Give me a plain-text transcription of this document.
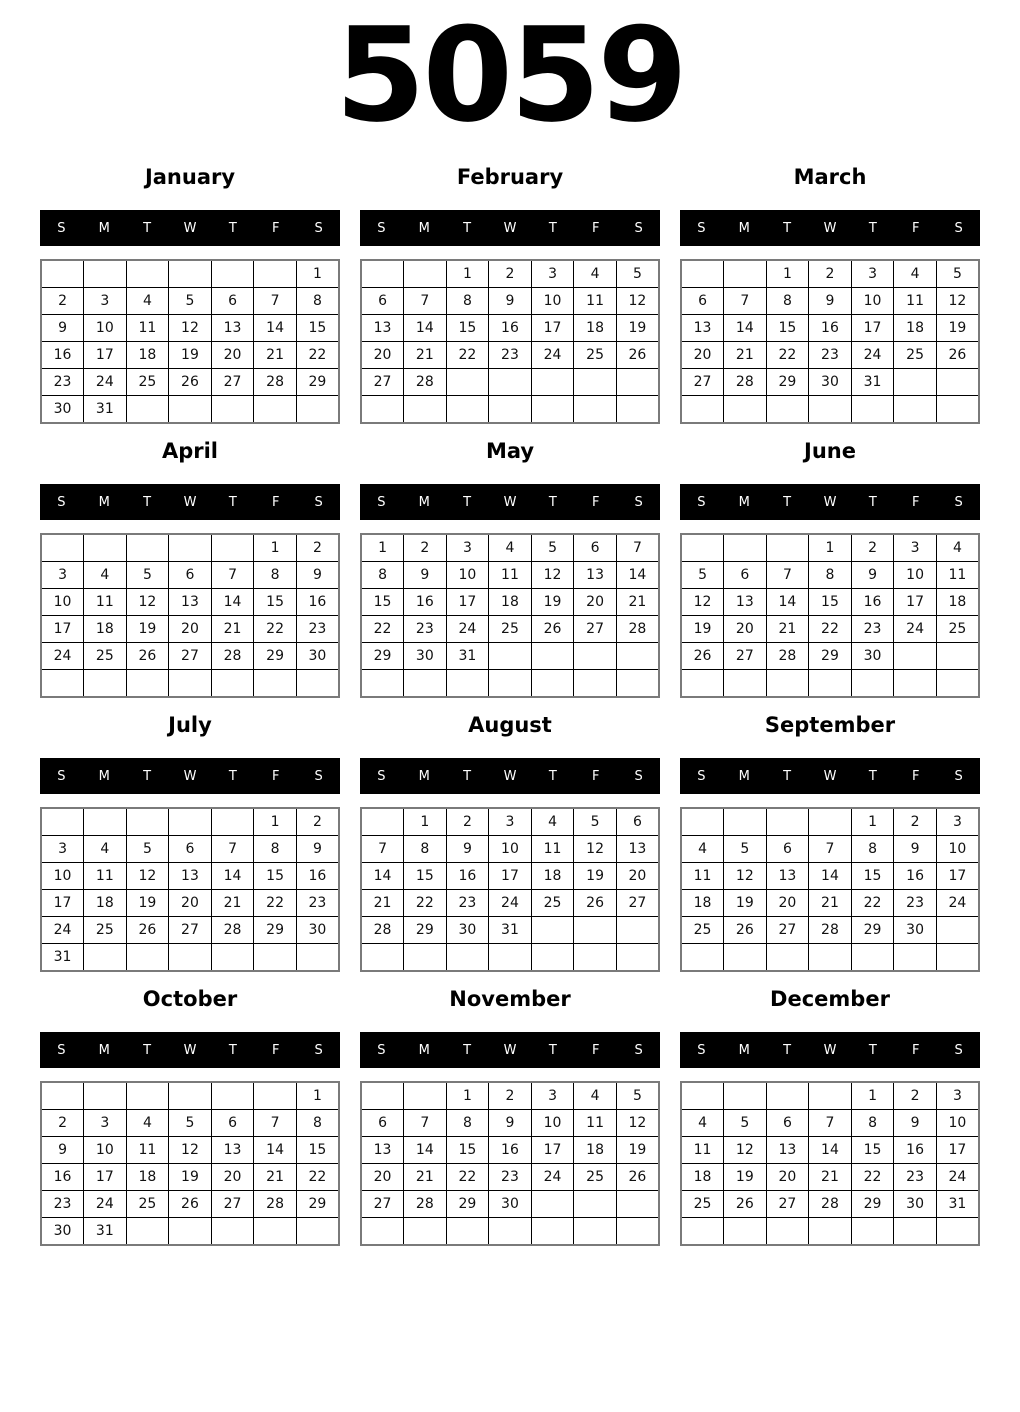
5059
January
S	M	T	W	T	F	S
						1
2	3	4	5	6	7	8
9	10	11	12	13	14	15
16	17	18	19	20	21	22
23	24	25	26	27	28	29
30	31					
February
S	M	T	W	T	F	S
		1	2	3	4	5
6	7	8	9	10	11	12
13	14	15	16	17	18	19
20	21	22	23	24	25	26
27	28					

March
S	M	T	W	T	F	S
		1	2	3	4	5
6	7	8	9	10	11	12
13	14	15	16	17	18	19
20	21	22	23	24	25	26
27	28	29	30	31		

April
S	M	T	W	T	F	S
					1	2
3	4	5	6	7	8	9
10	11	12	13	14	15	16
17	18	19	20	21	22	23
24	25	26	27	28	29	30

May
S	M	T	W	T	F	S
1	2	3	4	5	6	7
8	9	10	11	12	13	14
15	16	17	18	19	20	21
22	23	24	25	26	27	28
29	30	31				

June
S	M	T	W	T	F	S
			1	2	3	4
5	6	7	8	9	10	11
12	13	14	15	16	17	18
19	20	21	22	23	24	25
26	27	28	29	30		

July
S	M	T	W	T	F	S
					1	2
3	4	5	6	7	8	9
10	11	12	13	14	15	16
17	18	19	20	21	22	23
24	25	26	27	28	29	30
31						
August
S	M	T	W	T	F	S
	1	2	3	4	5	6
7	8	9	10	11	12	13
14	15	16	17	18	19	20
21	22	23	24	25	26	27
28	29	30	31			

September
S	M	T	W	T	F	S
				1	2	3
4	5	6	7	8	9	10
11	12	13	14	15	16	17
18	19	20	21	22	23	24
25	26	27	28	29	30	

October
S	M	T	W	T	F	S
						1
2	3	4	5	6	7	8
9	10	11	12	13	14	15
16	17	18	19	20	21	22
23	24	25	26	27	28	29
30	31					
November
S	M	T	W	T	F	S
		1	2	3	4	5
6	7	8	9	10	11	12
13	14	15	16	17	18	19
20	21	22	23	24	25	26
27	28	29	30			

December
S	M	T	W	T	F	S
				1	2	3
4	5	6	7	8	9	10
11	12	13	14	15	16	17
18	19	20	21	22	23	24
25	26	27	28	29	30	31
